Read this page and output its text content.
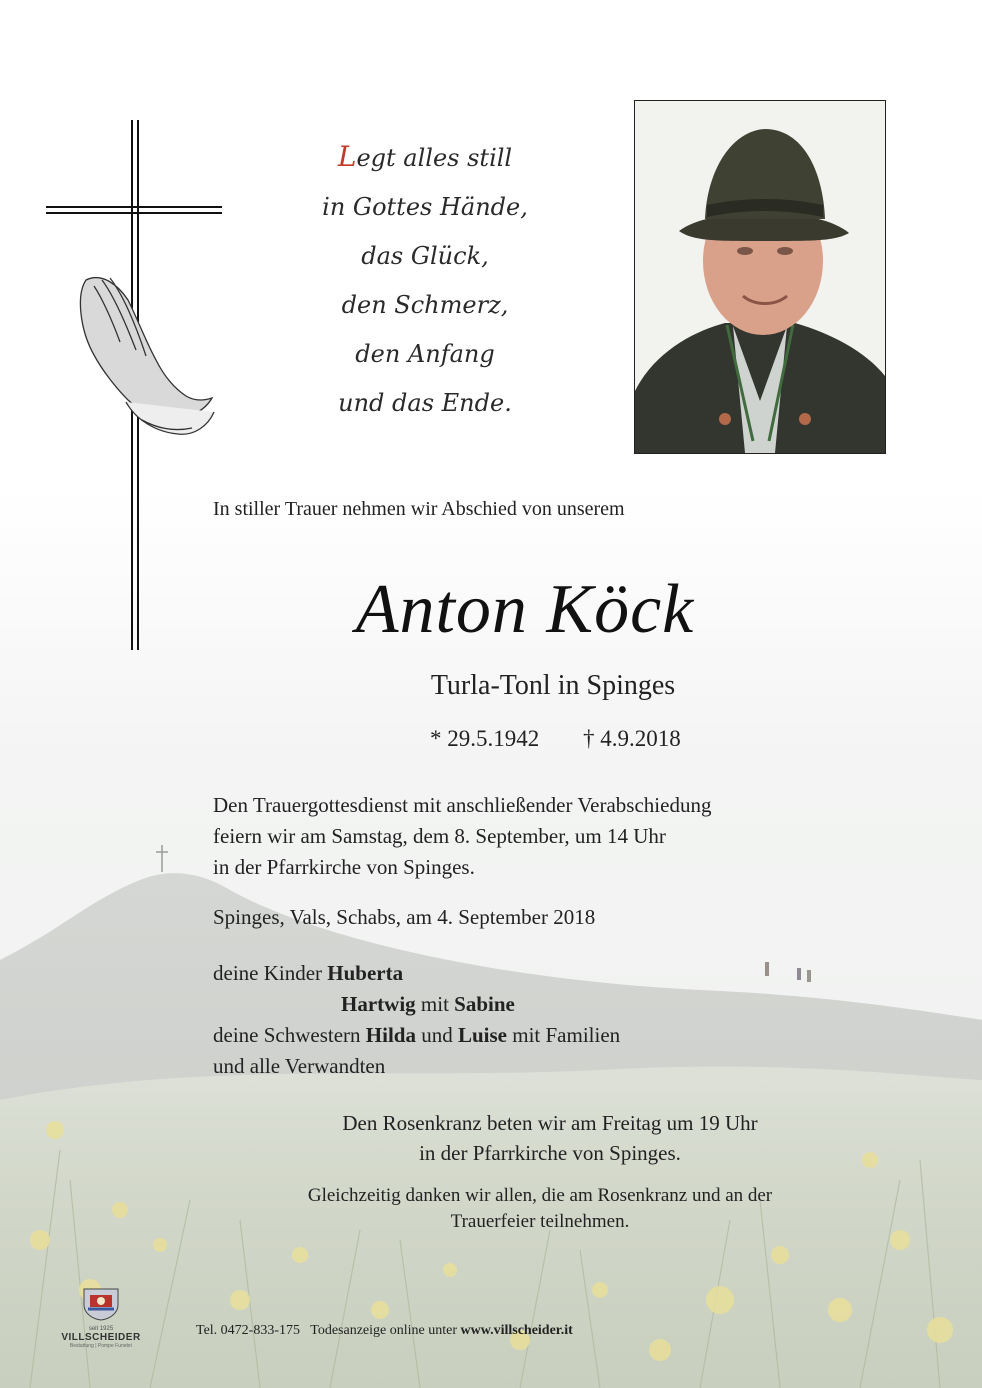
Legt alles still
in Gottes Hände,
das Glück,
den Schmerz,
den Anfang
und das Ende.
In stiller Trauer nehmen wir Abschied von unserem
Anton Köck
Turla-Tonl in Spinges
* 29.5.1942 † 4.9.2018
Den Trauergottesdienst mit anschließender Verabschiedung
feiern wir am Samstag, dem 8. September, um 14 Uhr
in der Pfarrkirche von Spinges.
Spinges, Vals, Schabs, am 4. September 2018
deine Kinder Huberta
Hartwig mit Sabine
deine Schwestern Hilda und Luise mit Familien
und alle Verwandten
Den Rosenkranz beten wir am Freitag um 19 Uhr
in der Pfarrkirche von Spinges.
Gleichzeitig danken wir allen, die am Rosenkranz und an der
Trauerfeier teilnehmen.
seit 1925
VILLSCHEIDER
Bestattung | Pompe Funebri
Tel. 0472-833-175 Todesanzeige online unter www.villscheider.it
